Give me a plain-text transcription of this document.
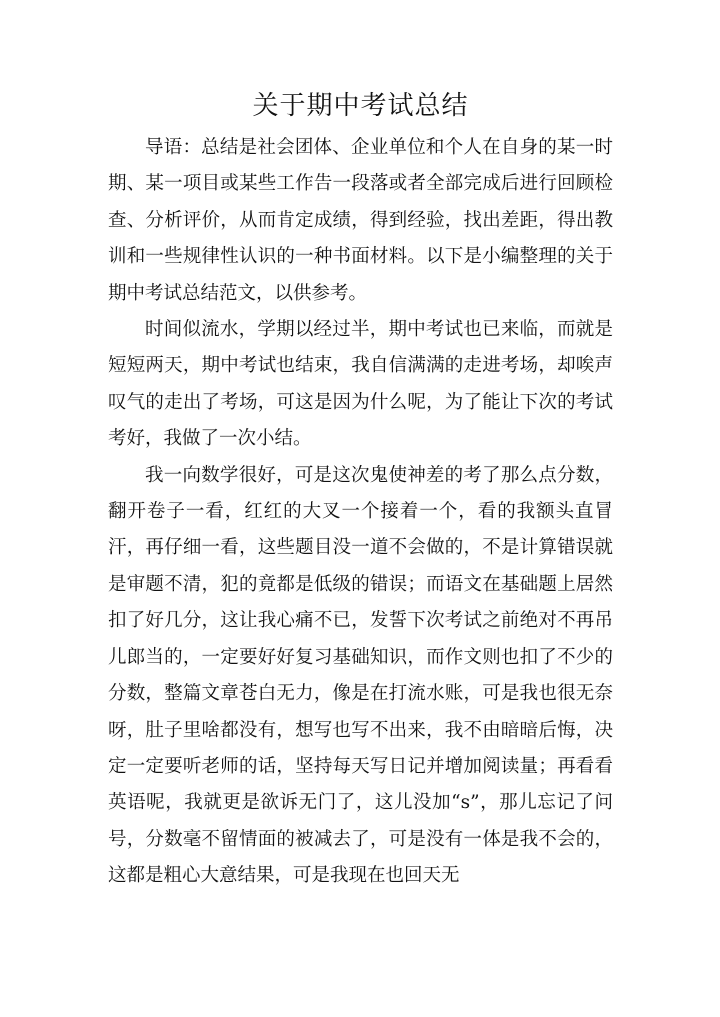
关于期中考试总结

导语：总结是社会团体、企业单位和个人在自身的某一时期、某一项目或某些工作告一段落或者全部完成后进行回顾检查、分析评价，从而肯定成绩，得到经验，找出差距，得出教训和一些规律性认识的一种书面材料。以下是小编整理的关于期中考试总结范文，以供参考。

时间似流水，学期以经过半，期中考试也已来临，而就是短短两天，期中考试也结束，我自信满满的走进考场，却唉声叹气的走出了考场，可这是因为什么呢，为了能让下次的考试考好，我做了一次小结。

我一向数学很好，可是这次鬼使神差的考了那么点分数，翻开卷子一看，红红的大叉一个接着一个，看的我额头直冒汗，再仔细一看，这些题目没一道不会做的，不是计算错误就是审题不清，犯的竟都是低级的错误；而语文在基础题上居然扣了好几分，这让我心痛不已，发誓下次考试之前绝对不再吊儿郎当的，一定要好好复习基础知识，而作文则也扣了不少的分数，整篇文章苍白无力，像是在打流水账，可是我也很无奈呀，肚子里啥都没有，想写也写不出来，我不由暗暗后悔，决定一定要听老师的话，坚持每天写日记并增加阅读量；再看看英语呢，我就更是欲诉无门了，这儿没加“s”，那儿忘记了问号，分数毫不留情面的被减去了，可是没有一体是我不会的，这都是粗心大意结果，可是我现在也回天无
